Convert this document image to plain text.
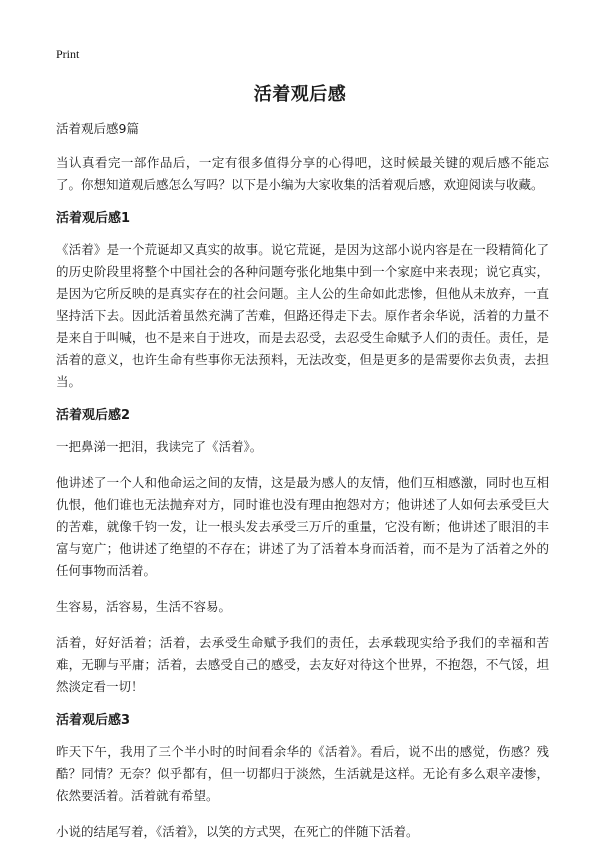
Print
活着观后感

活着观后感9篇

当认真看完一部作品后，一定有很多值得分享的心得吧，这时候最关键的观后感不能忘了。你想知道观后感怎么写吗？以下是小编为大家收集的活着观后感，欢迎阅读与收藏。

活着观后感1

《活着》是一个荒诞却又真实的故事。说它荒诞，是因为这部小说内容是在一段精简化了的历史阶段里将整个中国社会的各种问题夸张化地集中到一个家庭中来表现；说它真实，是因为它所反映的是真实存在的社会问题。主人公的生命如此悲惨，但他从未放弃，一直坚持活下去。因此活着虽然充满了苦难，但路还得走下去。原作者余华说，活着的力量不是来自于叫喊，也不是来自于进攻，而是去忍受，去忍受生命赋予人们的责任。责任，是活着的意义，也许生命有些事你无法预料，无法改变，但是更多的是需要你去负责，去担当。

活着观后感2

一把鼻涕一把泪，我读完了《活着》。

他讲述了一个人和他命运之间的友情，这是最为感人的友情，他们互相感激，同时也互相仇恨，他们谁也无法抛弃对方，同时谁也没有理由抱怨对方；他讲述了人如何去承受巨大的苦难，就像千钧一发，让一根头发去承受三万斤的重量，它没有断；他讲述了眼泪的丰富与宽广；他讲述了绝望的不存在；讲述了为了活着本身而活着，而不是为了活着之外的任何事物而活着。

生容易，活容易，生活不容易。

活着，好好活着；活着，去承受生命赋予我们的责任，去承载现实给予我们的幸福和苦难，无聊与平庸；活着，去感受自己的感受，去友好对待这个世界，不抱怨，不气馁，坦然淡定看一切！

活着观后感3

昨天下午，我用了三个半小时的时间看余华的《活着》。看后，说不出的感觉，伤感？残酷？同情？无奈？似乎都有，但一切都归于淡然，生活就是这样。无论有多么艰辛凄惨，依然要活着。活着就有希望。

小说的结尾写着，《活着》，以笑的方式哭，在死亡的伴随下活着。
